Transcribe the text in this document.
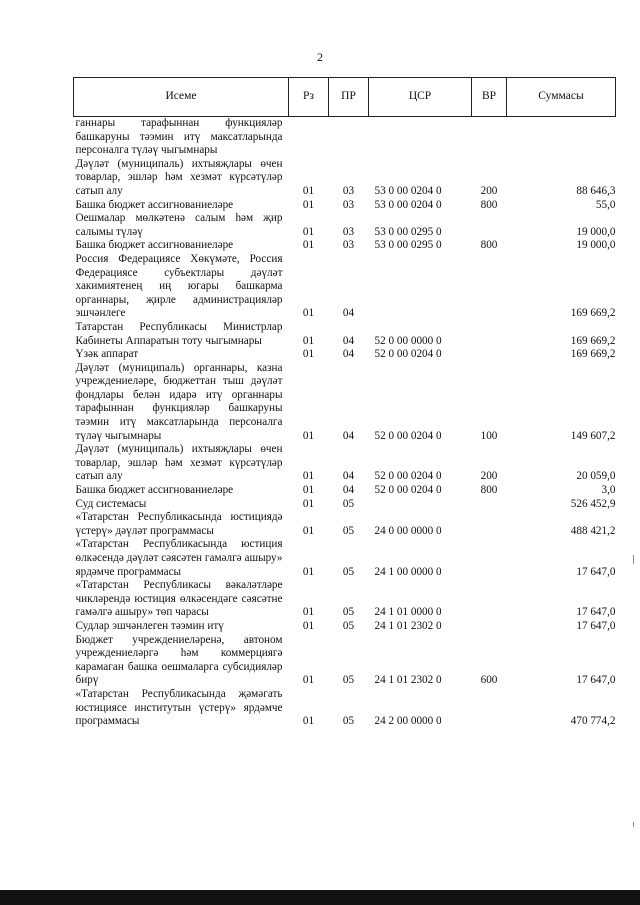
2
Исеме	Рз	ПР	ЦСР	ВР	Суммасы
ганнары тарафыннан функцияләр башкаруны тәэмин итү максатларында персоналга түләү чыгымнары					
Дәүләт (муниципаль) ихтыяҗлары өчен товарлар, эшләр һәм хезмәт күрсәтүләр сатып алу	01	03	53 0 00 0204 0	200	88 646,3
Башка бюджет ассигнованиеләре	01	03	53 0 00 0204 0	800	55,0
Оешмалар мөлкәтенә салым һәм җир салымы түләү	01	03	53 0 00 0295 0		19 000,0
Башка бюджет ассигнованиеләре	01	03	53 0 00 0295 0	800	19 000,0
Россия Федерациясе Хөкүмәте, Россия Федерациясе субъектлары дәүләт хакимиятенең иң югары башкарма органнары, җирле администрацияләр эшчәнлеге	01	04			169 669,2
Татарстан Республикасы Министрлар Кабинеты Аппаратын тоту чыгымнары	01	04	52 0 00 0000 0		169 669,2
Үзәк аппарат	01	04	52 0 00 0204 0		169 669,2
Дәүләт (муниципаль) органнары, казна учреждениеләре, бюджеттан тыш дәүләт фондлары белән идарә итү органнары тарафыннан функцияләр башкаруны тәэмин итү максатларында персоналга түләү чыгымнары	01	04	52 0 00 0204 0	100	149 607,2
Дәүләт (муниципаль) ихтыяҗлары өчен товарлар, эшләр һәм хезмәт күрсәтүләр сатып алу	01	04	52 0 00 0204 0	200	20 059,0
Башка бюджет ассигнованиеләре	01	04	52 0 00 0204 0	800	3,0
Суд системасы	01	05			526 452,9
«Татарстан Республикасында юстициядә үстерү» дәүләт программасы	01	05	24 0 00 0000 0		488 421,2
«Татарстан Республикасында юстиция өлкәсендә дәүләт сәясәтен гамәлгә ашыру» ярдәмче программасы	01	05	24 1 00 0000 0		17 647,0
«Татарстан Республикасы вәкаләтләре чикләрендә юстиция өлкәсендәге сәясәтне гамәлгә ашыру» төп чарасы	01	05	24 1 01 0000 0		17 647,0
Судлар эшчәнлеген тәэмин итү	01	05	24 1 01 2302 0		17 647,0
Бюджет учреждениеләренә, автоном учреждениеләргә һәм коммерциягә карамаган башка оешмаларга субсидияләр бирү	01	05	24 1 01 2302 0	600	17 647,0
«Татарстан Республикасында җәмәгать юстициясе институтын үстерү» ярдәмче программасы	01	05	24 2 00 0000 0		470 774,2
